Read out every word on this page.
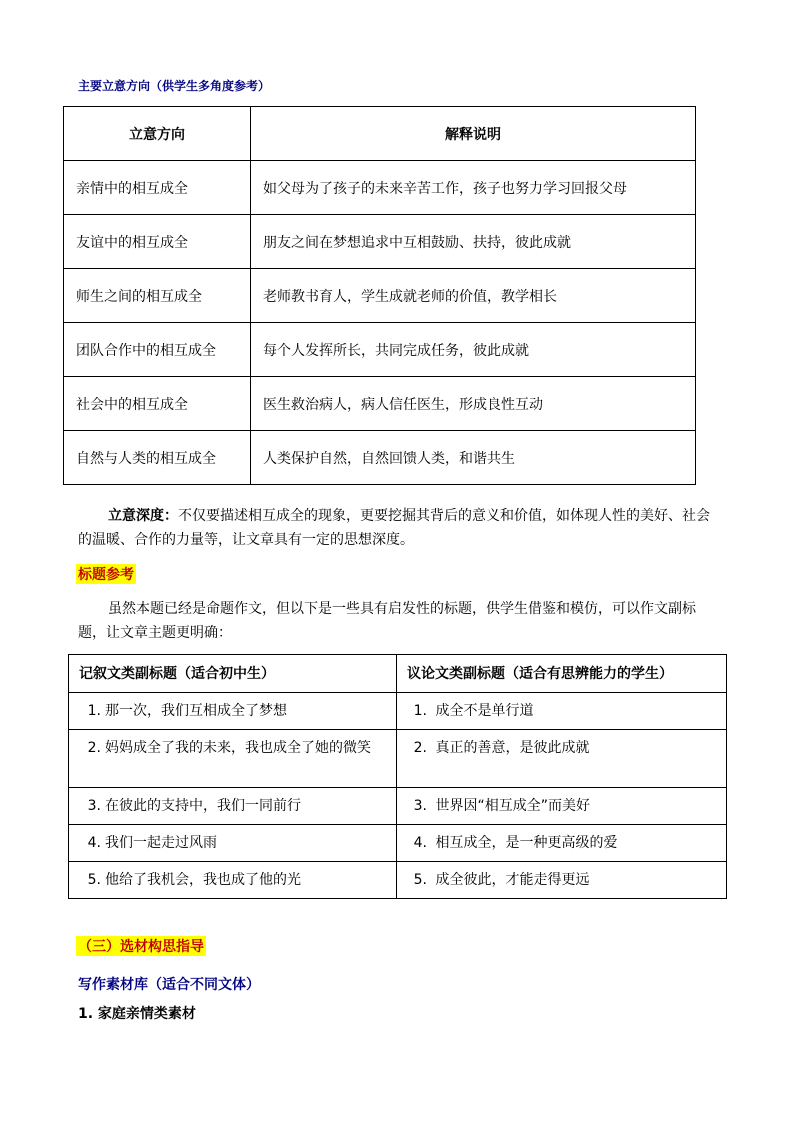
主要立意方向（供学生多角度参考）
立意方向	解释说明
亲情中的相互成全	如父母为了孩子的未来辛苦工作，孩子也努力学习回报父母
友谊中的相互成全	朋友之间在梦想追求中互相鼓励、扶持，彼此成就
师生之间的相互成全	老师教书育人，学生成就老师的价值，教学相长
团队合作中的相互成全	每个人发挥所长，共同完成任务，彼此成就
社会中的相互成全	医生救治病人，病人信任医生，形成良性互动
自然与人类的相互成全	人类保护自然，自然回馈人类，和谐共生
立意深度：不仅要描述相互成全的现象，更要挖掘其背后的意义和价值，如体现人性的美好、社会的温暖、合作的力量等，让文章具有一定的思想深度。
标题参考
虽然本题已经是命题作文，但以下是一些具有启发性的标题，供学生借鉴和模仿，可以作文副标题，让文章主题更明确：
记叙文类副标题（适合初中生）	议论文类副标题（适合有思辨能力的学生）
1. 那一次，我们互相成全了梦想	1. 成全不是单行道
2. 妈妈成全了我的未来，我也成全了她的微笑	2. 真正的善意，是彼此成就
3. 在彼此的支持中，我们一同前行	3. 世界因“相互成全”而美好
4. 我们一起走过风雨	4. 相互成全，是一种更高级的爱
5. 他给了我机会，我也成了他的光	5. 成全彼此，才能走得更远
（三）选材构思指导
写作素材库（适合不同文体）
1. 家庭亲情类素材
